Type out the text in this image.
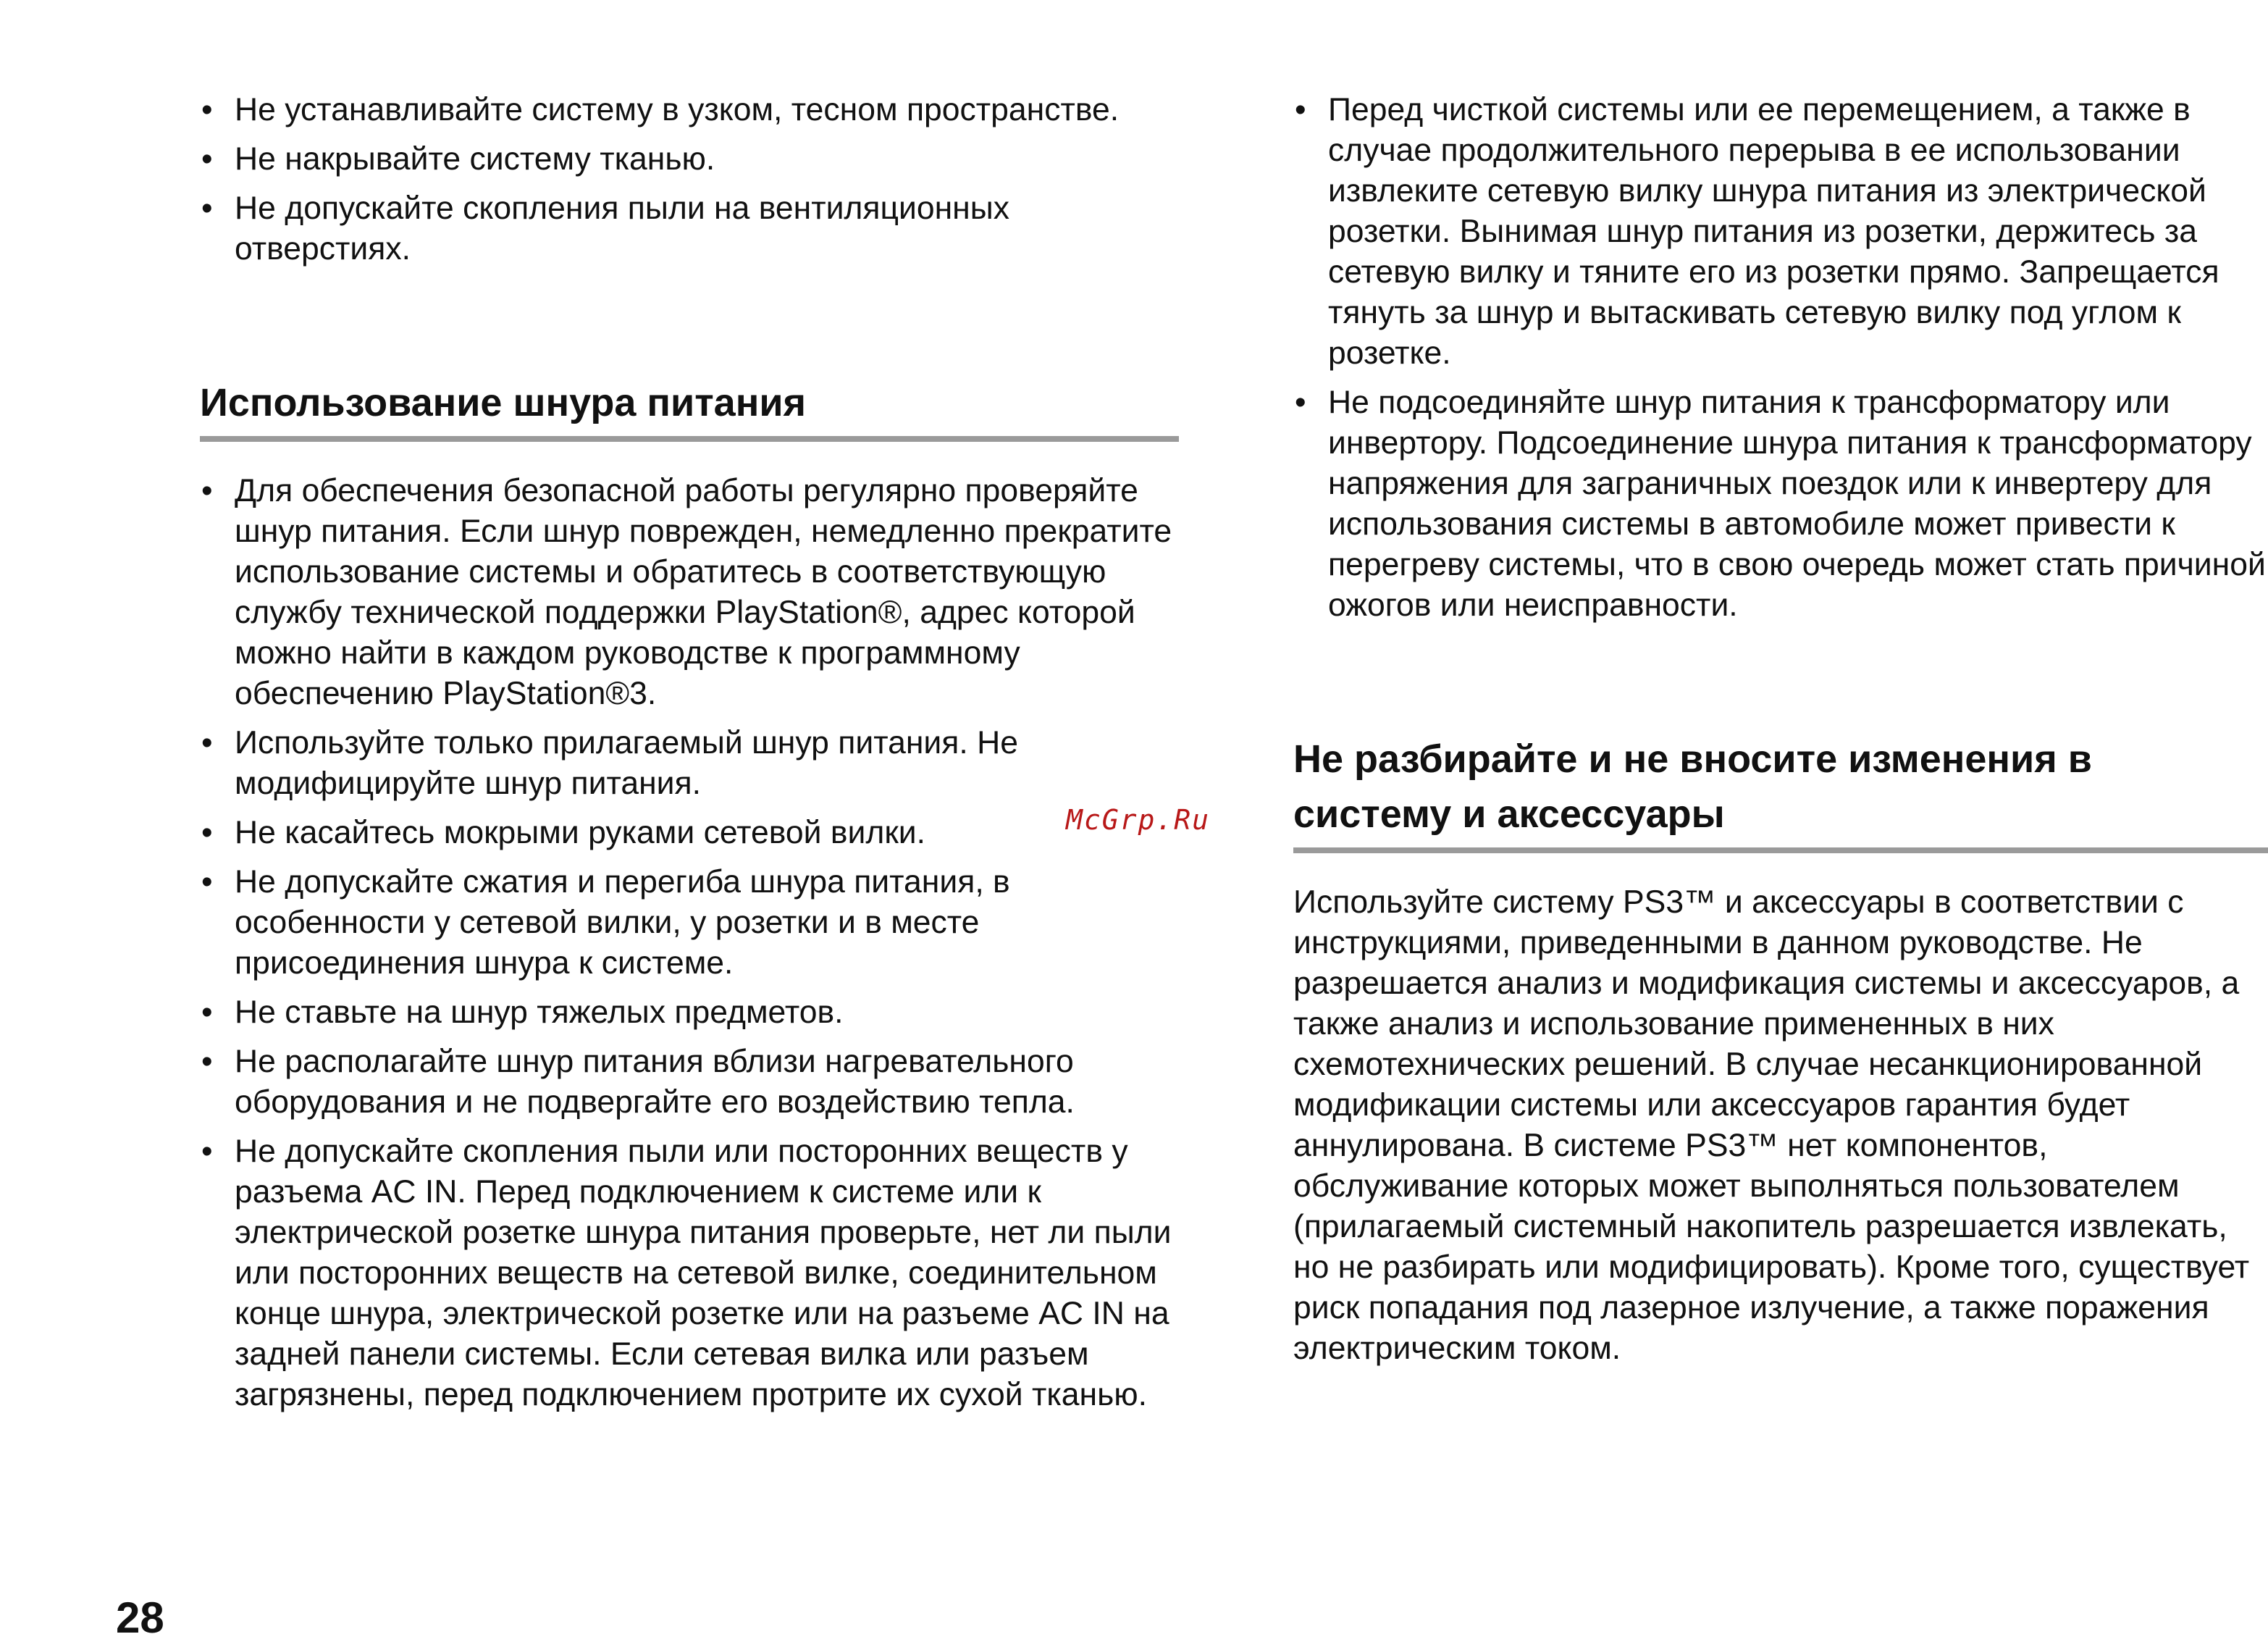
• Не устанавливайте систему в узком, тесном пространстве.
• Не накрывайте систему тканью.
• Не допускайте скопления пыли на вентиляционных отверстиях.
Использование шнура питания
• Для обеспечения безопасной работы регулярно проверяйте шнур питания. Если шнур поврежден, немедленно прекратите использование системы и обратитесь в соответствующую службу технической поддержки PlayStation®, адрес которой можно найти в каждом руководстве к программному обеспечению PlayStation®3.
• Используйте только прилагаемый шнур питания. Не модифицируйте шнур питания.
• Не касайтесь мокрыми руками сетевой вилки.
• Не допускайте сжатия и перегиба шнура питания, в особенности у сетевой вилки, у розетки и в месте присоединения шнура к системе.
• Не ставьте на шнур тяжелых предметов.
• Не располагайте шнур питания вблизи нагревательного оборудования и не подвергайте его воздействию тепла.
• Не допускайте скопления пыли или посторонних веществ у разъема AC IN. Перед подключением к системе или к электрической розетке шнура питания проверьте, нет ли пыли или посторонних веществ на сетевой вилке, соединительном конце шнура, электрической розетке или на разъеме AC IN на задней панели системы. Если сетевая вилка или разъем загрязнены, перед подключением протрите их сухой тканью.
• Перед чисткой системы или ее перемещением, а также в случае продолжительного перерыва в ее использовании извлеките сетевую вилку шнура питания из электрической розетки. Вынимая шнур питания из розетки, держитесь за сетевую вилку и тяните его из розетки прямо. Запрещается тянуть за шнур и вытаскивать сетевую вилку под углом к розетке.
• Не подсоединяйте шнур питания к трансформатору или инвертору. Подсоединение шнура питания к трансформатору напряжения для заграничных поездок или к инвертеру для использования системы в автомобиле может привести к перегреву системы, что в свою очередь может стать причиной ожогов или неисправности.
Не разбирайте и не вносите изменения в систему и аксессуары

Используйте систему PS3™ и аксессуары в соответствии с инструкциями, приведенными в данном руководстве. Не разрешается анализ и модификация системы и аксессуаров, а также анализ и использование примененных в них схемотехнических решений. В случае несанкционированной модификации системы или аксессуаров гарантия будет аннулирована. В системе PS3™ нет компонентов, обслуживание которых может выполняться пользователем (прилагаемый системный накопитель разрешается извлекать, но не разбирать или модифицировать). Кроме того, существует риск попадания под лазерное излучение, а также поражения электрическим током.

McGrp.Ru
28
